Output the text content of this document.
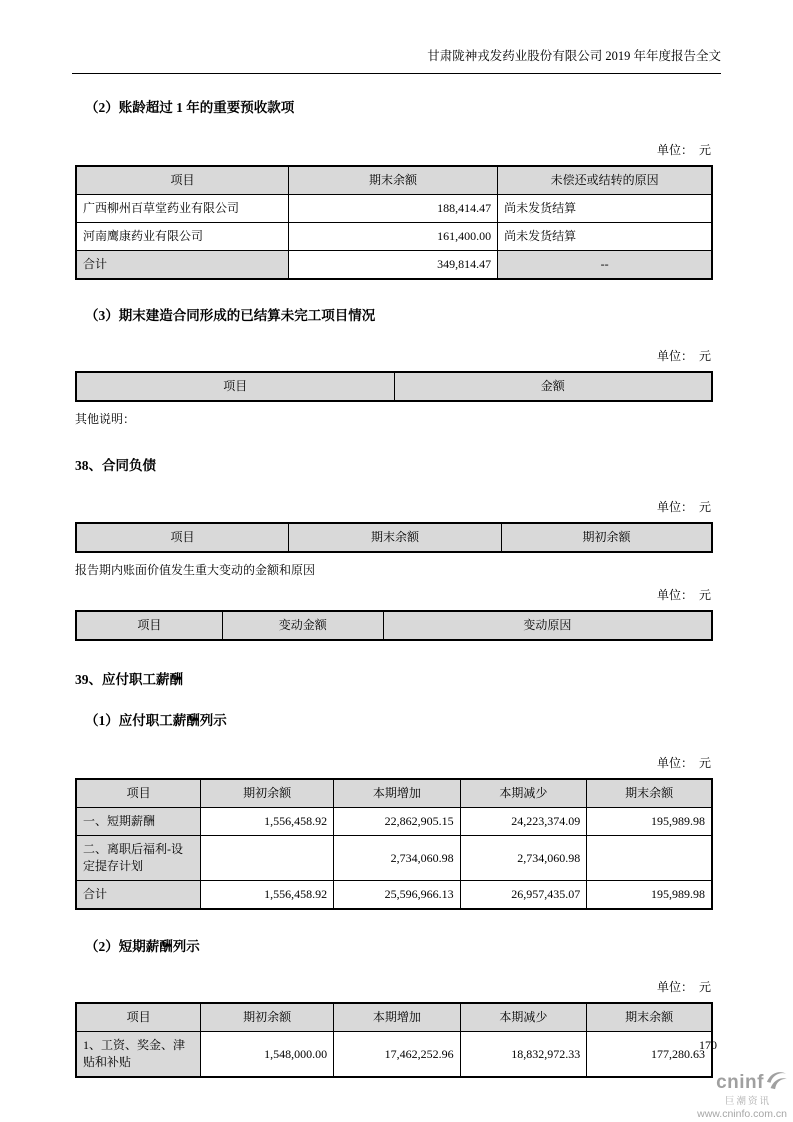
甘肃陇神戎发药业股份有限公司 2019 年年度报告全文
（2）账龄超过 1 年的重要预收款项
单位：　元
项目	期末余额	未偿还或结转的原因
广西柳州百草堂药业有限公司	188,414.47	尚未发货结算
河南鹰康药业有限公司	161,400.00	尚未发货结算
合计	349,814.47	--
（3）期末建造合同形成的已结算未完工项目情况
单位：　元
项目	金额
其他说明：
38、合同负债
单位：　元
项目	期末余额	期初余额
报告期内账面价值发生重大变动的金额和原因
单位：　元
项目	变动金额	变动原因
39、应付职工薪酬
（1）应付职工薪酬列示
单位：　元
项目	期初余额	本期增加	本期减少	期末余额
一、短期薪酬	1,556,458.92	22,862,905.15	24,223,374.09	195,989.98
二、离职后福利-设定提存计划		2,734,060.98	2,734,060.98	
合计	1,556,458.92	25,596,966.13	26,957,435.07	195,989.98
（2）短期薪酬列示
单位：　元
项目	期初余额	本期增加	本期减少	期末余额
1、工资、奖金、津贴和补贴	1,548,000.00	17,462,252.96	18,832,972.33	177,280.63
170
cninf
巨潮资讯
www.cninfo.com.cn
